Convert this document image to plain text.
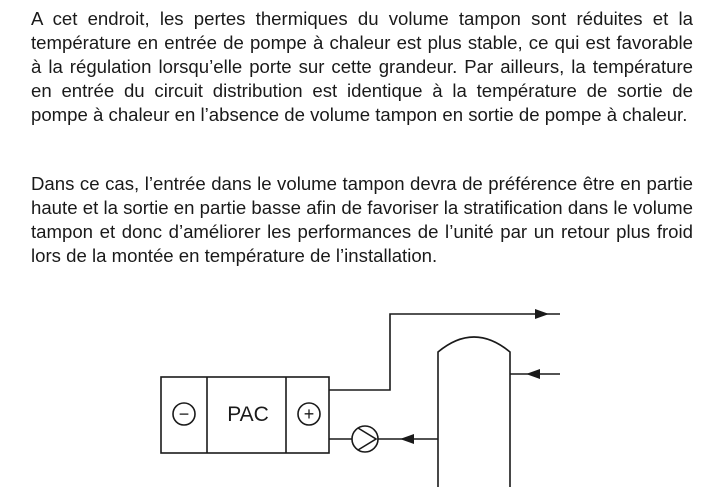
A cet endroit, les pertes thermiques du volume tampon sont réduites et la température en entrée de pompe à chaleur est plus stable, ce qui est favorable à la régulation lorsqu’elle porte sur cette grandeur. Par ailleurs, la température en entrée du circuit distribution est identique à la température de sortie de pompe à chaleur en l’absence de volume tampon en sortie de pompe à chaleur.

Dans ce cas, l’entrée dans le volume tampon devra de préférence être en partie haute et la sortie en partie basse afin de favoriser la stratification dans le volume tampon et donc d’améliorer les performances de l’unité par un retour plus froid lors de la montée en température de l’installation.

− PAC +
